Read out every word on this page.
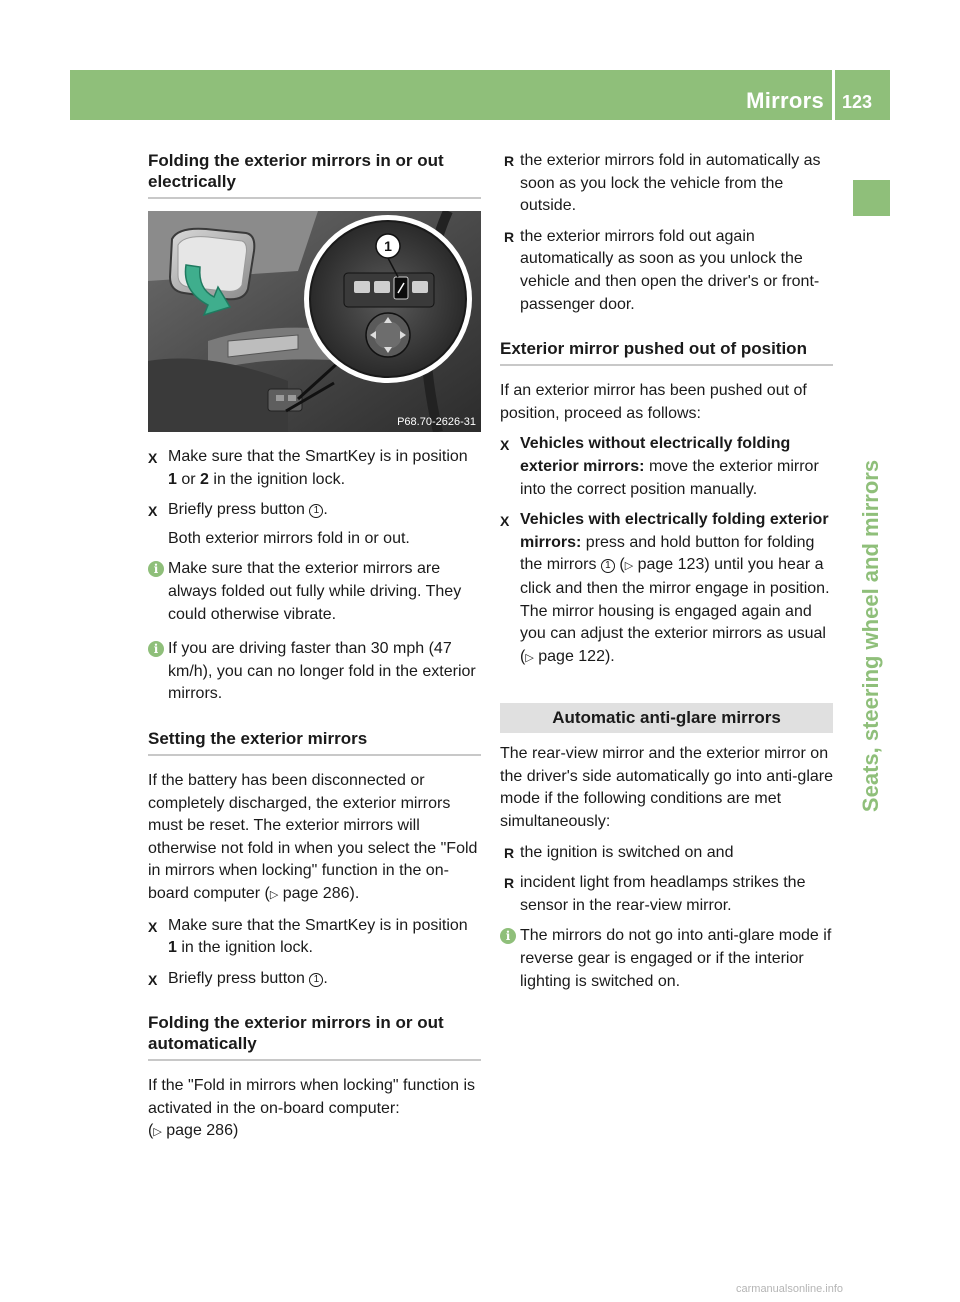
Mirrors 123
Seats, steering wheel and mirrors
Folding the exterior mirrors in or out electrically
1
P68.70-2626-31
X Make sure that the SmartKey is in position 1 or 2 in the ignition lock.
X Briefly press button 1 .
Both exterior mirrors fold in or out.
i Make sure that the exterior mirrors are always folded out fully while driving. They could otherwise vibrate.
i If you are driving faster than 30 mph (47 km/h), you can no longer fold in the exterior mirrors.
Setting the exterior mirrors

If the battery has been disconnected or completely discharged, the exterior mirrors must be reset. The exterior mirrors will otherwise not fold in when you select the "Fold in mirrors when locking" function in the on-board computer (▷ page 286).

X Make sure that the SmartKey is in position 1 in the ignition lock.
X Briefly press button 1 .
Folding the exterior mirrors in or out automatically

If the "Fold in mirrors when locking" function is activated in the on-board computer:
(▷ page 286)

R the exterior mirrors fold in automatically as soon as you lock the vehicle from the outside.
R the exterior mirrors fold out again automatically as soon as you unlock the vehicle and then open the driver's or front-passenger door.
Exterior mirror pushed out of position

If an exterior mirror has been pushed out of position, proceed as follows:

X Vehicles without electrically folding exterior mirrors: move the exterior mirror into the correct position manually.
X Vehicles with electrically folding exterior mirrors: press and hold button for folding the mirrors 1 (▷ page 123) until you hear a click and then the mirror engage in position.
The mirror housing is engaged again and you can adjust the exterior mirrors as usual (▷ page 122).
Automatic anti-glare mirrors

The rear-view mirror and the exterior mirror on the driver's side automatically go into anti-glare mode if the following conditions are met simultaneously:

R the ignition is switched on and
R incident light from headlamps strikes the sensor in the rear-view mirror.
i The mirrors do not go into anti-glare mode if reverse gear is engaged or if the interior lighting is switched on.
carmanualsonline.info
